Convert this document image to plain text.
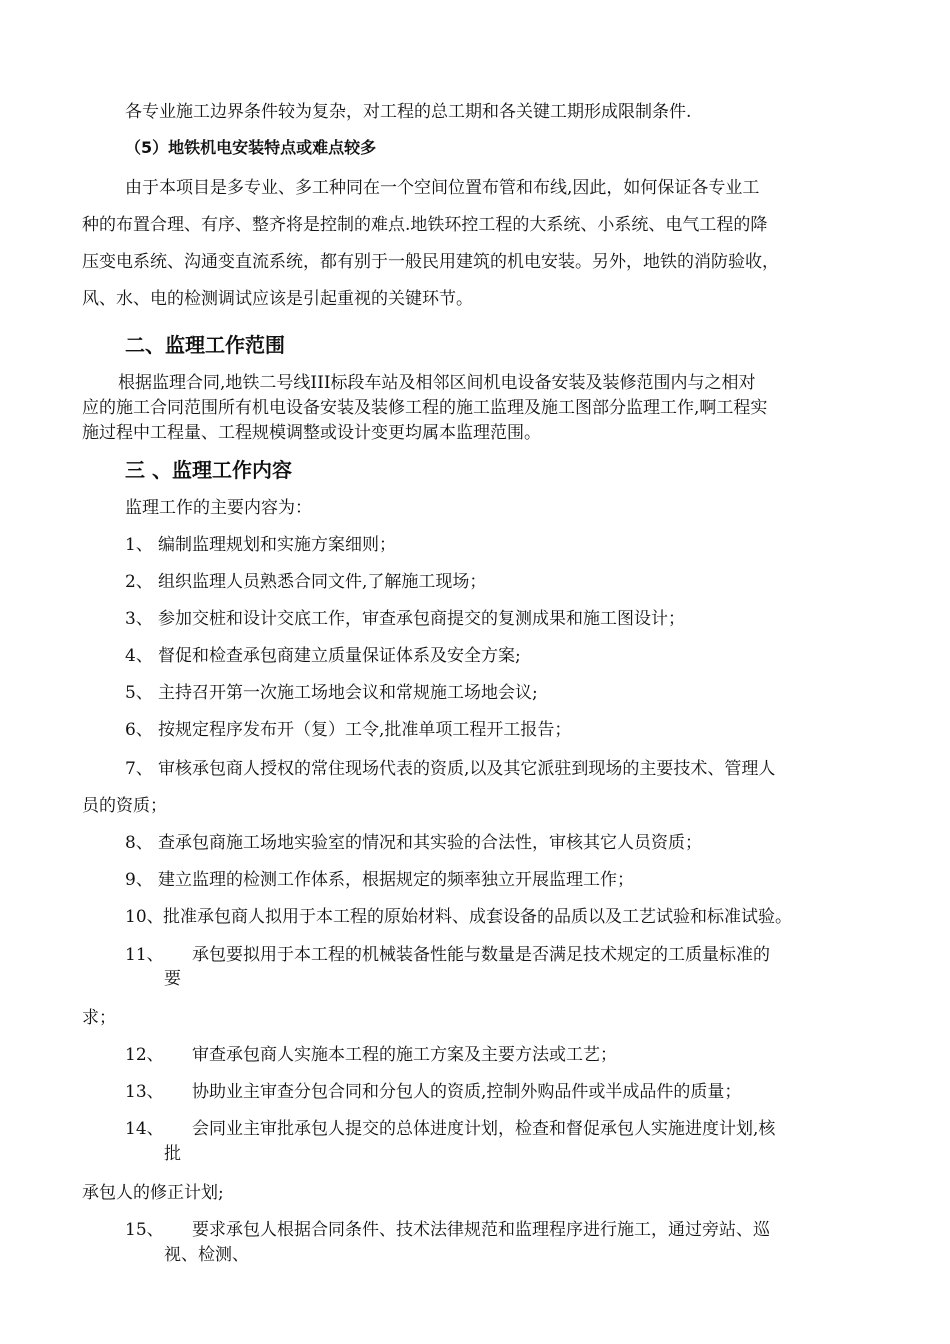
各专业施工边界条件较为复杂，对工程的总工期和各关键工期形成限制条件.
（5）地铁机电安装特点或难点较多
由于本项目是多专业、多工种同在一个空间位置布管和布线,因此，如何保证各专业工
种的布置合理、有序、整齐将是控制的难点.地铁环控工程的大系统、小系统、电气工程的降
压变电系统、沟通变直流系统，都有别于一般民用建筑的机电安装。另外，地铁的消防验收，
风、水、电的检测调试应该是引起重视的关键环节。
二、监理工作范围
根据监理合同,地铁二号线III标段车站及相邻区间机电设备安装及装修范围内与之相对
应的施工合同范围所有机电设备安装及装修工程的施工监理及施工图部分监理工作,啊工程实
施过程中工程量、工程规模调整或设计变更均属本监理范围。
三 、监理工作内容
监理工作的主要内容为：
1、 编制监理规划和实施方案细则；
2、 组织监理人员熟悉合同文件,了解施工现场；
3、 参加交桩和设计交底工作，审查承包商提交的复测成果和施工图设计；
4、 督促和检查承包商建立质量保证体系及安全方案;
5、 主持召开第一次施工场地会议和常规施工场地会议;
6、 按规定程序发布开（复）工令,批准单项工程开工报告；
7、 审核承包商人授权的常住现场代表的资质,以及其它派驻到现场的主要技术、管理人
员的资质；
8、 查承包商施工场地实验室的情况和其实验的合法性，审核其它人员资质；
9、 建立监理的检测工作体系，根据规定的频率独立开展监理工作；
10、 批准承包商人拟用于本工程的原始材料、成套设备的品质以及工艺试验和标准试验。
11、 承包要拟用于本工程的机械装备性能与数量是否满足技术规定的工质量标准的
要
求；
12、 审查承包商人实施本工程的施工方案及主要方法或工艺；
13、 协助业主审查分包合同和分包人的资质,控制外购品件或半成品件的质量；
14、 会同业主审批承包人提交的总体进度计划，检查和督促承包人实施进度计划,核
批
承包人的修正计划;
15、 要求承包人根据合同条件、技术法律规范和监理程序进行施工，通过旁站、巡
视、检测、
